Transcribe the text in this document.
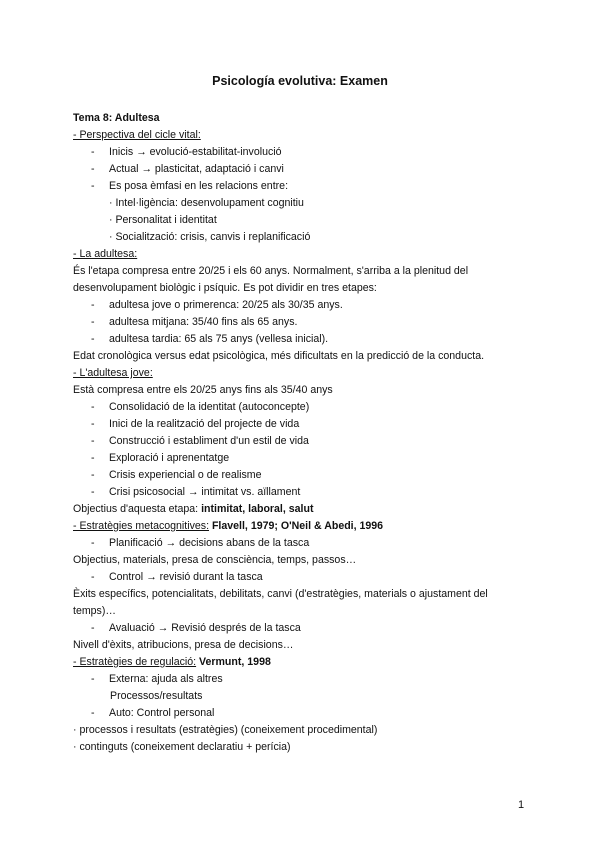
Psicología evolutiva: Examen
Tema 8: Adultesa
- Perspectiva del cicle vital:
- Inicis → evolució-estabilitat-involució
- Actual → plasticitat, adaptació i canvi
- Es posa èmfasi en les relacions entre:
· Intel·ligència: desenvolupament cognitiu
· Personalitat i identitat
· Socialització: crisis, canvis i replanificació
- La adultesa:
És l'etapa compresa entre 20/25 i els 60 anys. Normalment, s'arriba a la plenitud del desenvolupament biològic i psíquic. Es pot dividir en tres etapes:
- adultesa jove o primerenca: 20/25 als 30/35 anys.
- adultesa mitjana: 35/40 fins als 65 anys.
- adultesa tardia: 65 als 75 anys (vellesa inicial).
Edat cronològica versus edat psicològica, més dificultats en la predicció de la conducta.
- L'adultesa jove:
Està compresa entre els 20/25 anys fins als 35/40 anys
- Consolidació de la identitat (autoconcepte)
- Inici de la realització del projecte de vida
- Construcció i establiment d'un estil de vida
- Exploració i aprenentatge
- Crisis experiencial o de realisme
- Crisi psicosocial → intimitat vs. aïllament
Objectius d'aquesta etapa: intimitat, laboral, salut
- Estratègies metacognitives: Flavell, 1979; O'Neil & Abedi, 1996
- Planificació → decisions abans de la tasca
Objectius, materials, presa de consciència, temps, passos…
- Control → revisió durant la tasca
Èxits específics, potencialitats, debilitats, canvi (d'estratègies, materials o ajustament del temps)…
- Avaluació → Revisió després de la tasca
Nivell d'èxits, atribucions, presa de decisions…
- Estratègies de regulació: Vermunt, 1998
- Externa: ajuda als altres
Processos/resultats
- Auto: Control personal
· processos i resultats (estratègies) (coneixement procedimental)
· continguts (coneixement declaratiu + perícia)
1
